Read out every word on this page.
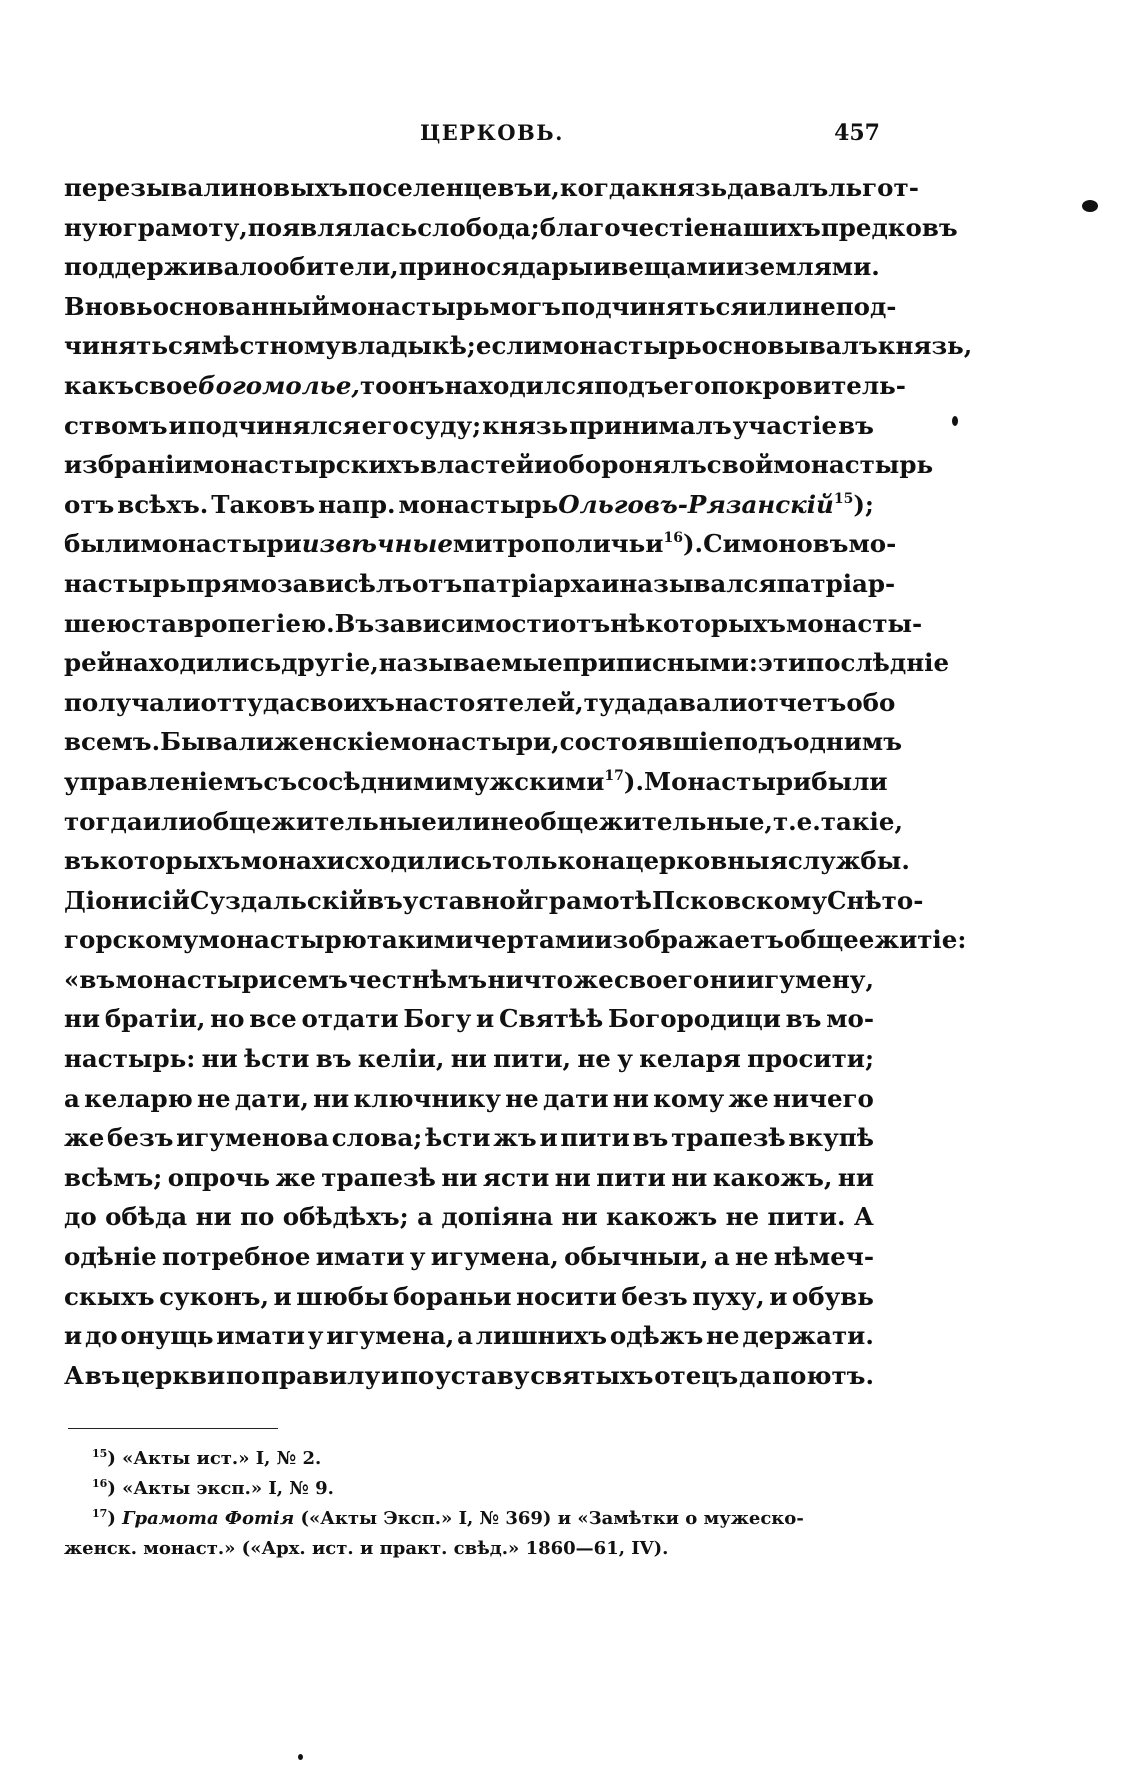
ЦЕРКОВЬ.	457
перезывали новыхъ поселенцевъ и, когда князь давалъ льгот-
ную грамоту, появлялась слобода; благочестіе нашихъ предковъ
поддерживало обители, принося дары и вещами и землями.
Вновь основанный монастырь могъ подчиняться или не под-
чиняться мѣстному владыкѣ; если монастырь основывалъ князь,
какъ своебогомолье, то онъ находился подъ его покровитель-
ствомъ и подчинялся его суду; князь принималъ участіе въ
избраніи монастырскихъ властей и оборонялъ свой монастырь
отъ всѣхъ. Таковъ напр. монастырьОльговъ-Рязанскій$^{15}$);
были монастыриизвѣчные митрополичьи$^{16}$). Симоновъ мо-
настырь прямо зависѣлъ отъ патріарха и назывался патріар-
шею ставропегіею. Въ зависимости отъ нѣкоторыхъ монасты-
рей находились другіе, называемые приписными: эти послѣдніе
получали оттуда своихъ настоятелей, туда давали отчетъ обо
всемъ. Бывали женскіе монастыри, состоявшіе подъ однимъ
управленіемъ съ сосѣдними мужскими$^{17}$). Монастыри были
тогда или общежительные или необщежительные, т. е. такіе,
въ которыхъ монахи сходились только на церковныя службы.
Діонисій Суздальскій въ уставной грамотѣ Псковскому Снѣто-
горскому монастырю такими чертами изображаетъ общее житіе:
«въ монастыри семъ честнѣмъ ничто же своего ни игумену,
ни братіи, но все отдати Богу и Святѣѣ Богородици въ мо-
настырь: ни ѣсти въ келіи, ни пити, не у келаря просити;
а келарю не дати, ни ключнику не дати ни кому же ничего
же безъ игуменова слова; ѣсти жъ и пити въ трапезѣ вкупѣ
всѣмъ; опрочь же трапезѣ ни ясти ни пити ни какожъ, ни
до обѣда ни по обѣдѣхъ; а допіяна ни какожъ не пити. А
одѣніе потребное имати у игумена, обычныи, а не нѣмеч-
скыхъ суконъ, и шюбы бораньи носити безъ пуху, и обувь
и до онущь имати у игумена, а лишнихъ одѣжъ не держати.
А въ церкви по правилу и по уставу святыхъ отецъ да поютъ.
$^{15}$) «Акты ист.» I, № 2.
$^{16}$) «Акты эксп.» I, № 9.
$^{17}$) Грамота Фотія («Акты Эксп.» I, № 369) и «Замѣтки о мужеско-
женск. монаст.» («Арх. ист. и практ. свѣд.» 1860—61, IV).
